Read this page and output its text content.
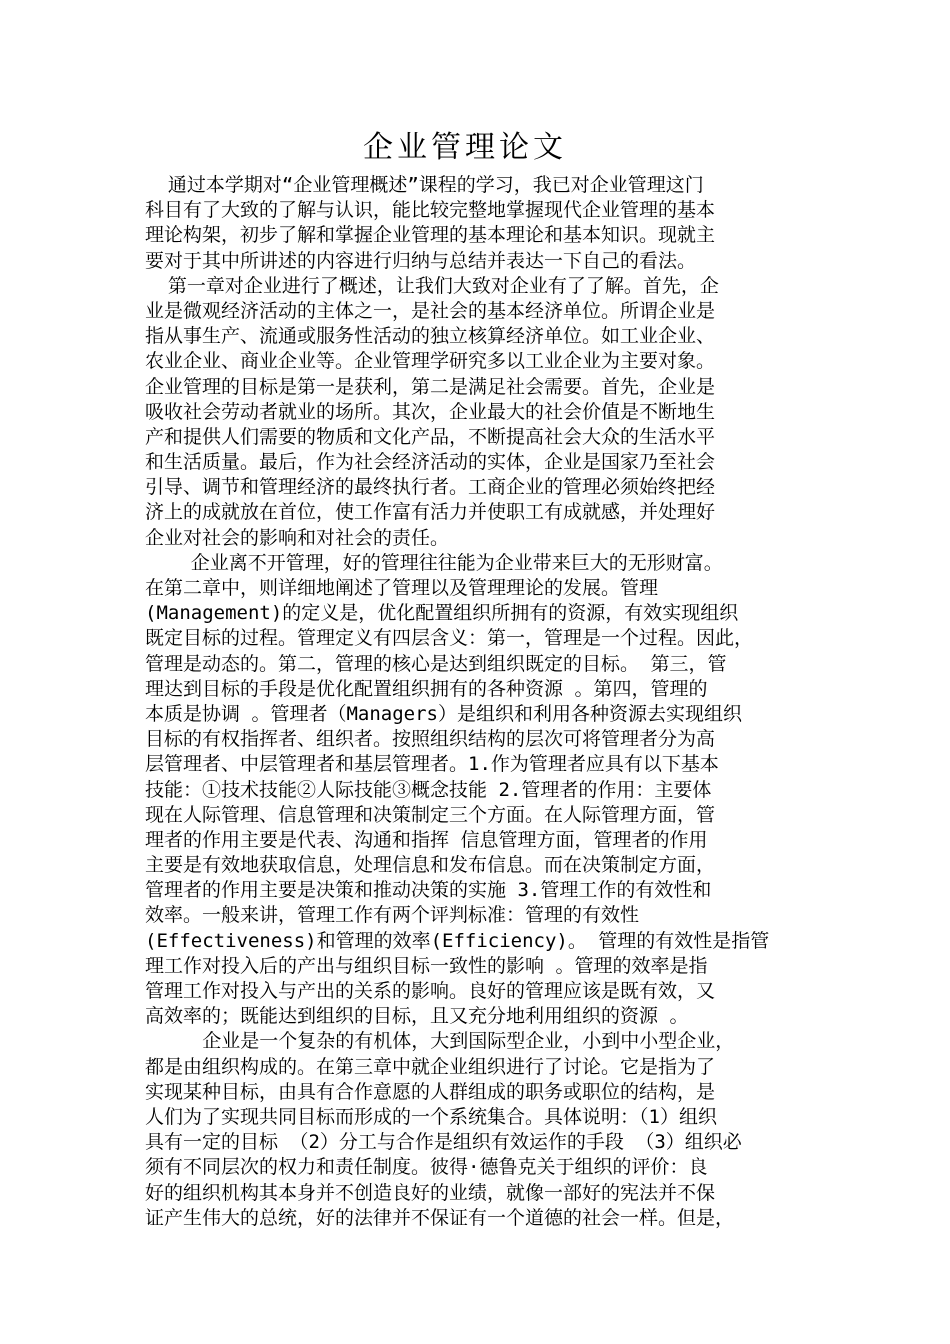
企业管理论文
通过本学期对“企业管理概述”课程的学习，我已对企业管理这门
科目有了大致的了解与认识，能比较完整地掌握现代企业管理的基本
理论构架，初步了解和掌握企业管理的基本理论和基本知识。现就主
要对于其中所讲述的内容进行归纳与总结并表达一下自己的看法。
第一章对企业进行了概述，让我们大致对企业有了了解。首先，企
业是微观经济活动的主体之一，是社会的基本经济单位。所谓企业是
指从事生产、流通或服务性活动的独立核算经济单位。如工业企业、
农业企业、商业企业等。企业管理学研究多以工业企业为主要对象。
企业管理的目标是第一是获利，第二是满足社会需要。首先，企业是
吸收社会劳动者就业的场所。其次，企业最大的社会价值是不断地生
产和提供人们需要的物质和文化产品，不断提高社会大众的生活水平
和生活质量。最后，作为社会经济活动的实体，企业是国家乃至社会
引导、调节和管理经济的最终执行者。工商企业的管理必须始终把经
济上的成就放在首位，使工作富有活力并使职工有成就感，并处理好
企业对社会的影响和对社会的责任。
企业离不开管理，好的管理往往能为企业带来巨大的无形财富。
在第二章中，则详细地阐述了管理以及管理理论的发展。管理
(Management)的定义是，优化配置组织所拥有的资源，有效实现组织
既定目标的过程。管理定义有四层含义：第一，管理是一个过程。因此，
管理是动态的。第二，管理的核心是达到组织既定的目标。 第三，管
理达到目标的手段是优化配置组织拥有的各种资源 。第四，管理的
本质是协调 。管理者（Managers）是组织和利用各种资源去实现组织
目标的有权指挥者、组织者。按照组织结构的层次可将管理者分为高
层管理者、中层管理者和基层管理者。1.作为管理者应具有以下基本
技能：①技术技能②人际技能③概念技能 2.管理者的作用：主要体
现在人际管理、信息管理和决策制定三个方面。在人际管理方面，管
理者的作用主要是代表、沟通和指挥 信息管理方面，管理者的作用
主要是有效地获取信息，处理信息和发布信息。而在决策制定方面，
管理者的作用主要是决策和推动决策的实施 3.管理工作的有效性和
效率。一般来讲，管理工作有两个评判标准：管理的有效性
(Effectiveness)和管理的效率(Efficiency)。 管理的有效性是指管
理工作对投入后的产出与组织目标一致性的影响 。管理的效率是指
管理工作对投入与产出的关系的影响。良好的管理应该是既有效，又
高效率的；既能达到组织的目标，且又充分地利用组织的资源 。
企业是一个复杂的有机体，大到国际型企业，小到中小型企业，
都是由组织构成的。在第三章中就企业组织进行了讨论。它是指为了
实现某种目标，由具有合作意愿的人群组成的职务或职位的结构，是
人们为了实现共同目标而形成的一个系统集合。具体说明：（1）组织
具有一定的目标 （2）分工与合作是组织有效运作的手段 （3）组织必
须有不同层次的权力和责任制度。彼得·德鲁克关于组织的评价：良
好的组织机构其本身并不创造良好的业绩，就像一部好的宪法并不保
证产生伟大的总统，好的法律并不保证有一个道德的社会一样。但是，
